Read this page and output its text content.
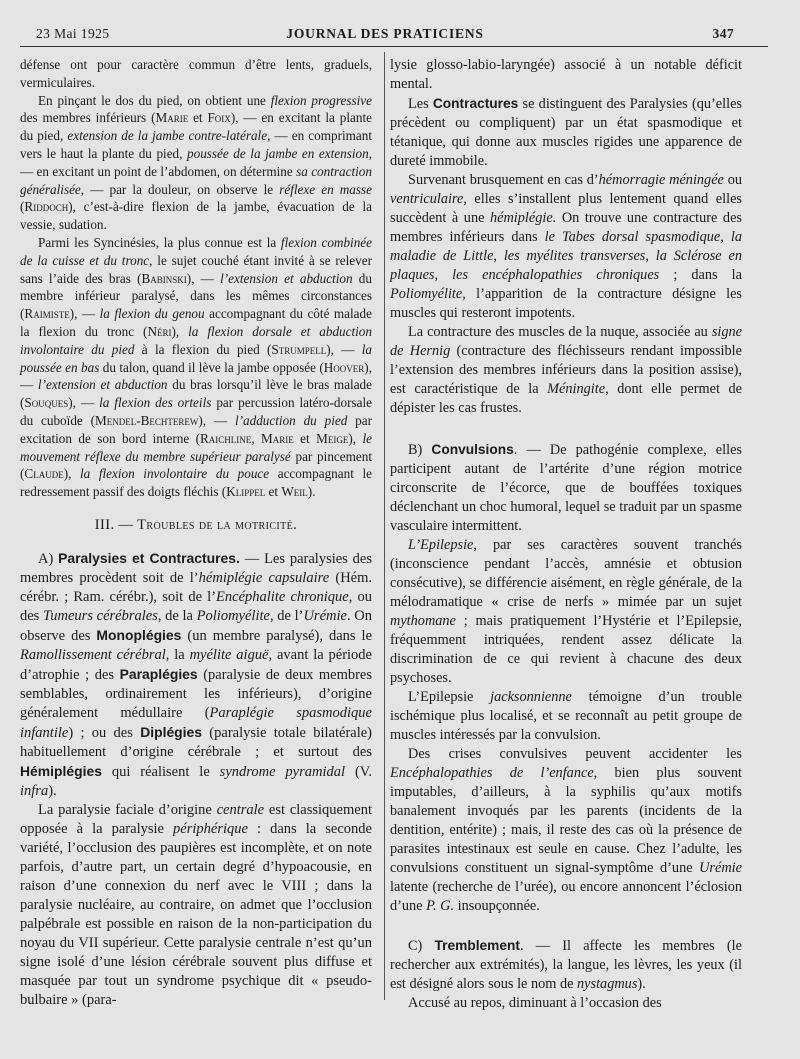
23 Mai 1925	JOURNAL DES PRATICIENS	347

défense ont pour caractère commun d’être lents, graduels, vermiculaires.

En pinçant le dos du pied, on obtient une flexion progressive des membres inférieurs (Marie et Foix), — en excitant la plante du pied, extension de la jambe contre-latérale, — en comprimant vers le haut la plante du pied, poussée de la jambe en extension, — en excitant un point de l’abdomen, on détermine sa contraction généralisée, — par la douleur, on observe le réflexe en masse (Riddoch), c’est-à-dire flexion de la jambe, évacuation de la vessie, sudation.

Parmi les Syncinésies, la plus connue est la flexion combinée de la cuisse et du tronc, le sujet couché étant invité à se relever sans l’aide des bras (Babinski), — l’extension et abduction du membre inférieur paralysé, dans les mêmes circonstances (Raimiste), — la flexion du genou accompagnant du côté malade la flexion du tronc (Néri), la flexion dorsale et abduction involontaire du pied à la flexion du pied (Strumpell), — la poussée en bas du talon, quand il lève la jambe opposée (Hoover), — l’extension et abduction du bras lorsqu’il lève le bras malade (Souques), — la flexion des orteils par percussion latéro-dorsale du cuboïde (Mendel-Bechterew), — l’adduction du pied par excitation de son bord interne (Raichline, Marie et Meige), le mouvement réflexe du membre supérieur paralysé par pincement (Claude), la flexion involontaire du pouce accompagnant le redressement passif des doigts fléchis (Klippel et Weil).

III. — Troubles de la motricité.

A) Paralysies et Contractures. — Les paralysies des membres procèdent soit de l’hémiplégie capsulaire (Hém. cérébr. ; Ram. cérébr.), soit de l’Encéphalite chronique, ou des Tumeurs cérébrales, de la Poliomyélite, de l’Urémie. On observe des Monoplégies (un membre paralysé), dans le Ramollissement cérébral, la myélite aiguë, avant la période d’atrophie ; des Paraplégies (paralysie de deux membres semblables, ordinairement les inférieurs), d’origine généralement médullaire (Paraplégie spasmodique infantile) ; ou des Diplégies (paralysie totale bilatérale) habituellement d’origine cérébrale ; et surtout des Hémiplégies qui réalisent le syndrome pyramidal (V. infra).

La paralysie faciale d’origine centrale est classiquement opposée à la paralysie périphérique : dans la seconde variété, l’occlusion des paupières est incomplète, et on note parfois, d’autre part, un certain degré d’hypoacousie, en raison d’une connexion du nerf avec le VIII ; dans la paralysie nucléaire, au contraire, on admet que l’occlusion palpébrale est possible en raison de la non-participation du noyau du VII supérieur. Cette paralysie centrale n’est qu’un signe isolé d’une lésion cérébrale souvent plus diffuse et masquée par tout un syndrome psychique dit « pseudo-bulbaire » (para-

lysie glosso-labio-laryngée) associé à un notable déficit mental.

Les Contractures se distinguent des Paralysies (qu’elles précèdent ou compliquent) par un état spasmodique et tétanique, qui donne aux muscles rigides une apparence de dureté immobile.

Survenant brusquement en cas d’hémorragie méningée ou ventriculaire, elles s’installent plus lentement quand elles succèdent à une hémiplégie. On trouve une contracture des membres inférieurs dans le Tabes dorsal spasmodique, la maladie de Little, les myélites transverses, la Sclérose en plaques, les encéphalopathies chroniques ; dans la Poliomyélite, l’apparition de la contracture désigne les muscles qui resteront impotents.

La contracture des muscles de la nuque, associée au signe de Hernig (contracture des fléchisseurs rendant impossible l’extension des membres inférieurs dans la position assise), est caractéristique de la Méningite, dont elle permet de dépister les cas frustes.

B) Convulsions. — De pathogénie complexe, elles participent autant de l’artérite d’une région motrice circonscrite de l’écorce, que de bouffées toxiques déclenchant un choc humoral, lequel se traduit par un spasme vasculaire intermittent.

L’Epilepsie, par ses caractères souvent tranchés (inconscience pendant l’accès, amnésie et obtusion consécutive), se différencie aisément, en règle générale, de la mélodramatique « crise de nerfs » mimée par un sujet mythomane ; mais pratiquement l’Hystérie et l’Epilepsie, fréquemment intriquées, rendent assez délicate la discrimination de ce qui revient à chacune des deux psychoses.

L’Epilepsie jacksonnienne témoigne d’un trouble ischémique plus localisé, et se reconnaît au petit groupe de muscles intéressés par la convulsion.

Des crises convulsives peuvent accidenter les Encéphalopathies de l’enfance, bien plus souvent imputables, d’ailleurs, à la syphilis qu’aux motifs banalement invoqués par les parents (incidents de la dentition, entérite) ; mais, il reste des cas où la présence de parasites intestinaux est seule en cause. Chez l’adulte, les convulsions constituent un signal-symptôme d’une Urémie latente (recherche de l’urée), ou encore annoncent l’éclosion d’une P. G. insoupçonnée.

C) Tremblement. — Il affecte les membres (le rechercher aux extrémités), la langue, les lèvres, les yeux (il est désigné alors sous le nom de nystagmus).

Accusé au repos, diminuant à l’occasion des
